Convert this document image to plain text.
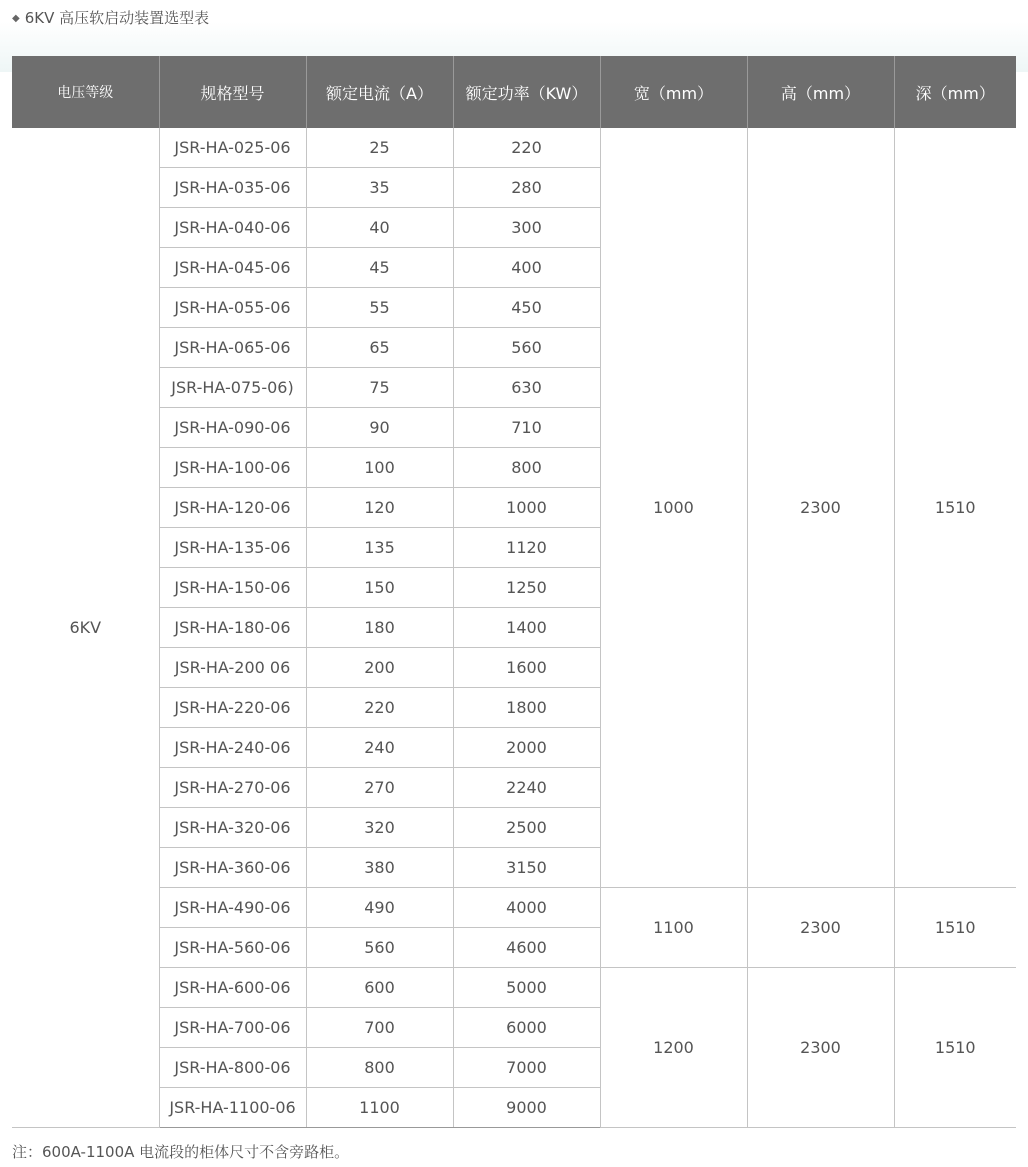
◆ 6KV 高压软启动装置选型表
电压等级	规格型号	额定电流（A）	额定功率（KW）	宽（mm）	高（mm）	深（mm）
6KV	JSR-HA-025-06	25	220	1000	2300	1510
	JSR-HA-035-06	35	280			
	JSR-HA-040-06	40	300			
	JSR-HA-045-06	45	400			
	JSR-HA-055-06	55	450			
	JSR-HA-065-06	65	560			
	JSR-HA-075-06)	75	630			
	JSR-HA-090-06	90	710			
	JSR-HA-100-06	100	800			
	JSR-HA-120-06	120	1000			
	JSR-HA-135-06	135	1120			
	JSR-HA-150-06	150	1250			
	JSR-HA-180-06	180	1400			
	JSR-HA-200 06	200	1600			
	JSR-HA-220-06	220	1800			
	JSR-HA-240-06	240	2000			
	JSR-HA-270-06	270	2240			
	JSR-HA-320-06	320	2500			
	JSR-HA-360-06	380	3150			
	JSR-HA-490-06	490	4000	1100	2300	1510
	JSR-HA-560-06	560	4600			
	JSR-HA-600-06	600	5000	1200	2300	1510
	JSR-HA-700-06	700	6000			
	JSR-HA-800-06	800	7000			
	JSR-HA-1100-06	1100	9000			
注：600A-1100A 电流段的柜体尺寸不含旁路柜。
